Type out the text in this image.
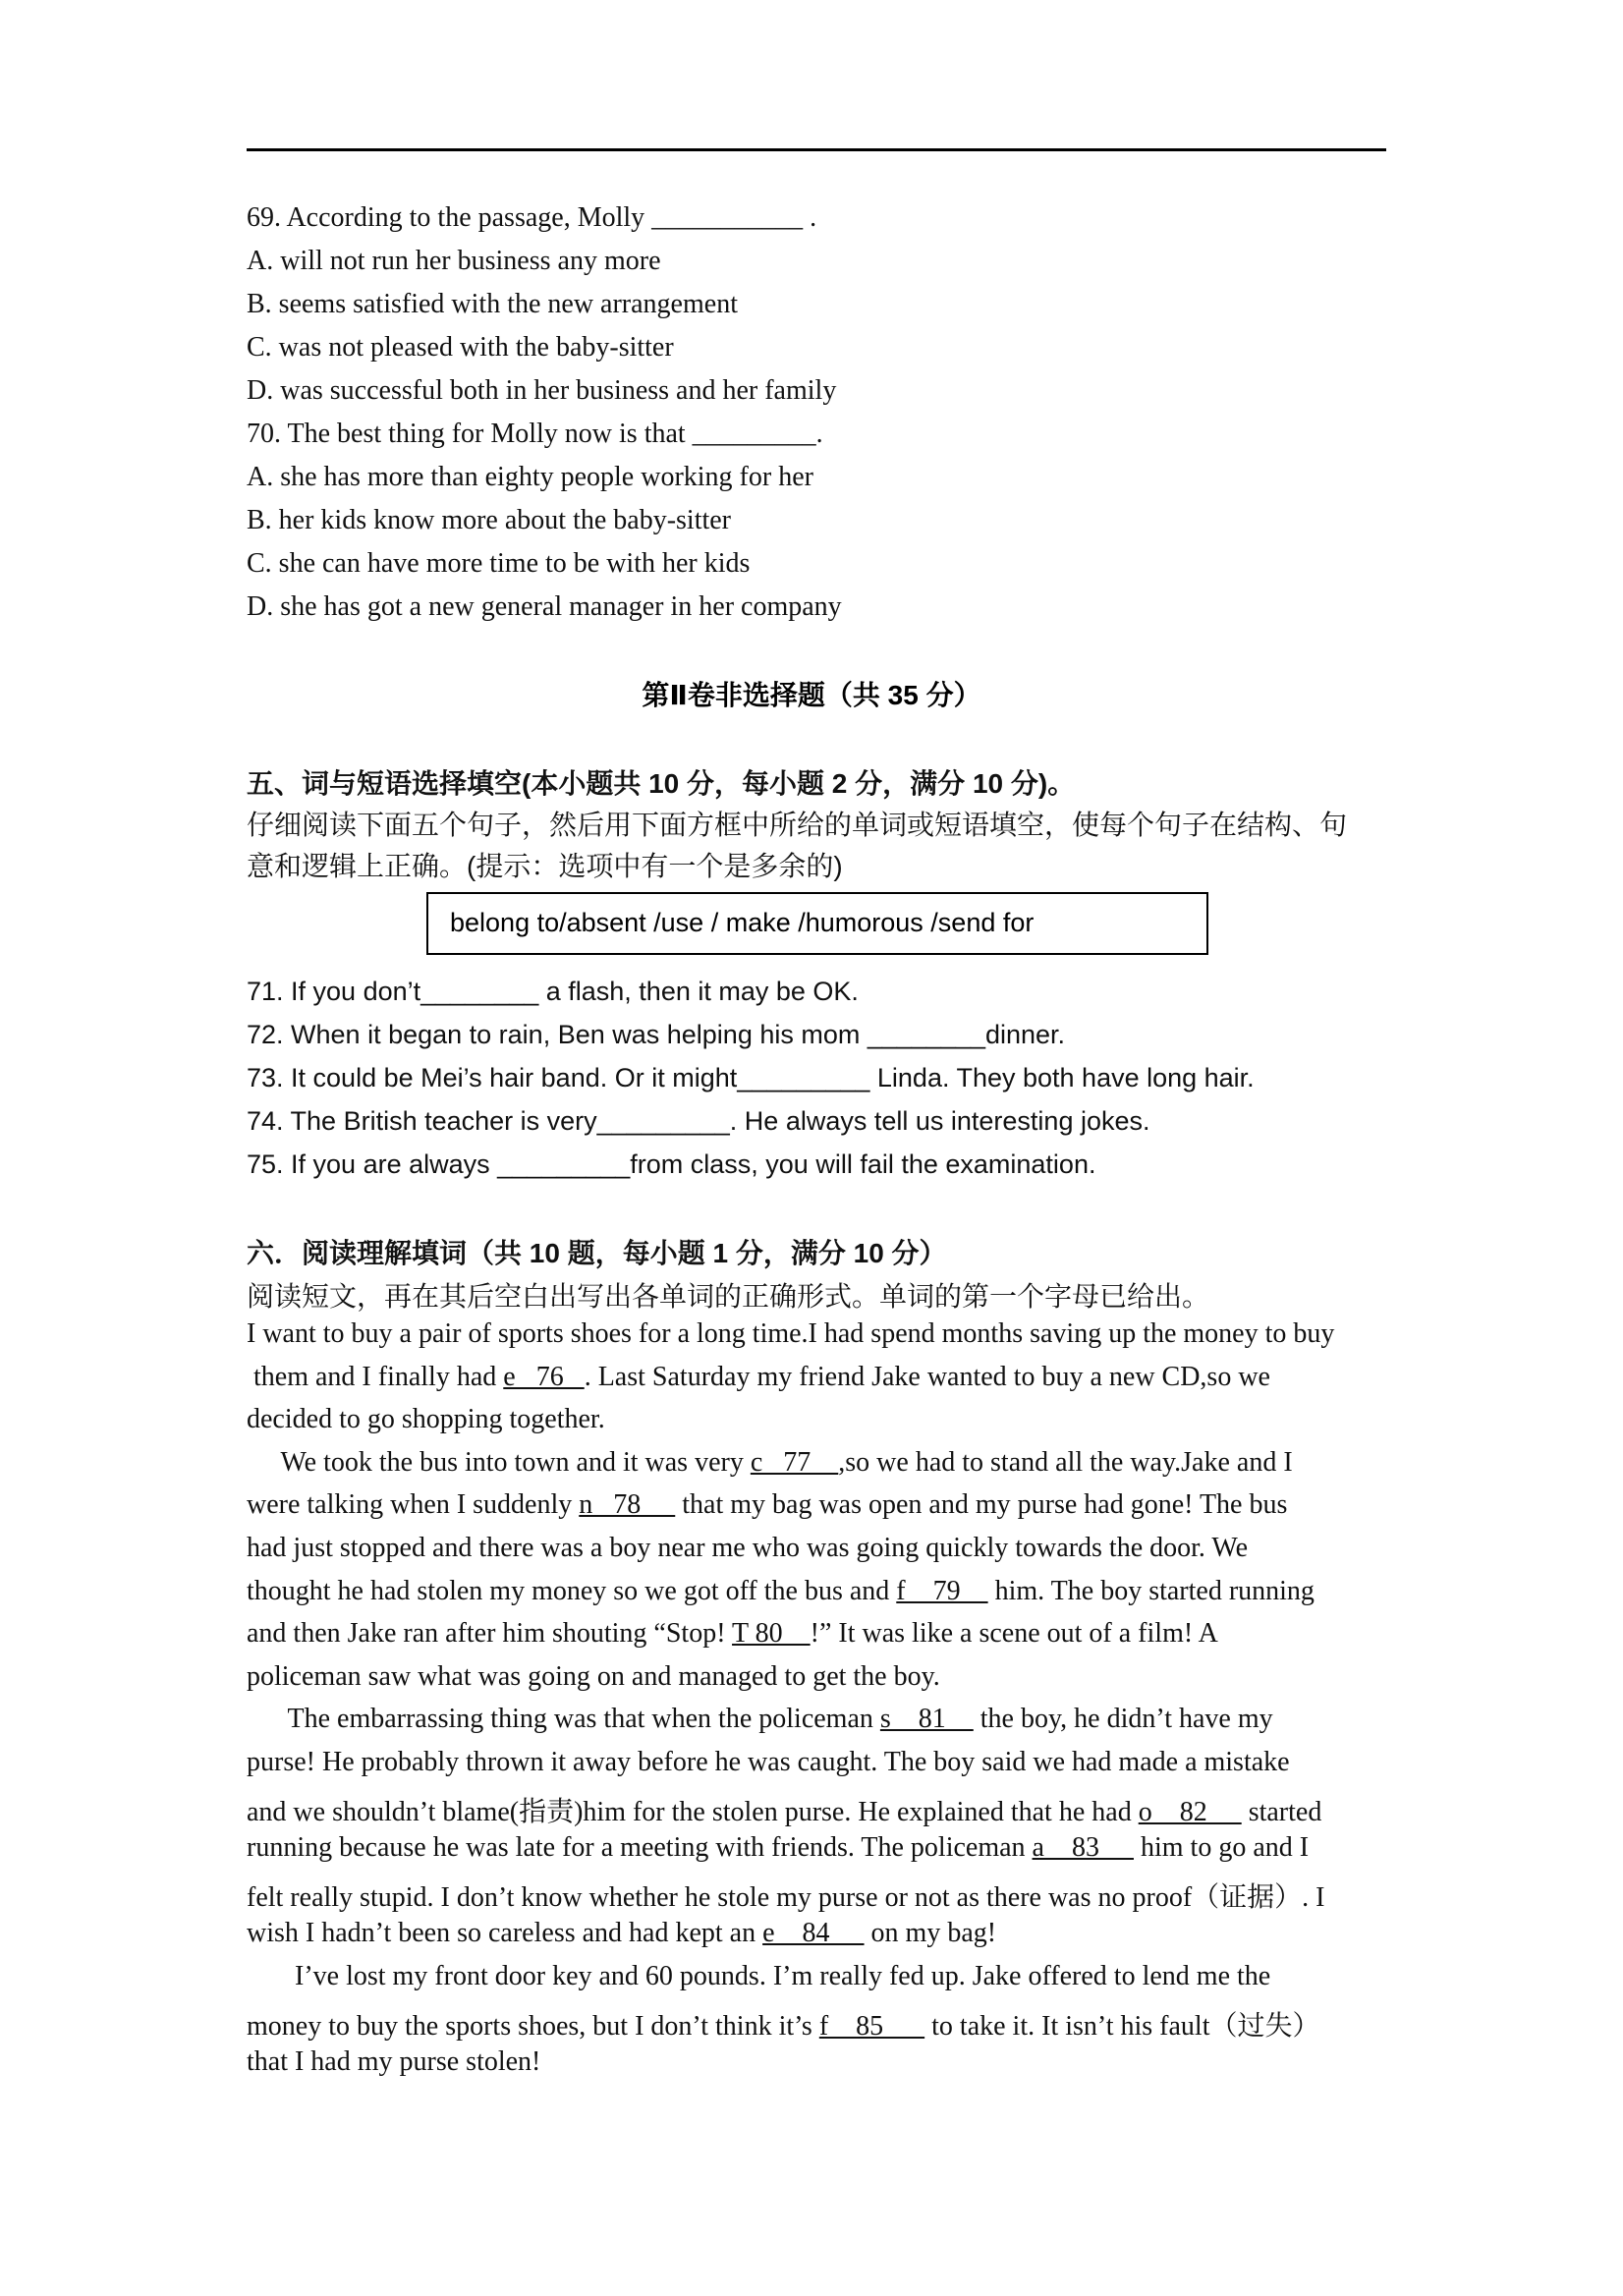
69. According to the passage, Molly ___________ .
A. will not run her business any more
B. seems satisfied with the new arrangement
C. was not pleased with the baby-sitter
D. was successful both in her business and her family
70. The best thing for Molly now is that _________.
A. she has more than eighty people working for her
B. her kids know more about the baby-sitter
C. she can have more time to be with her kids
D. she has got a new general manager in her company
第Ⅱ卷非选择题（共 35 分）
五、词与短语选择填空(本小题共 10 分，每小题 2 分，满分 10 分)。
仔细阅读下面五个句子，然后用下面方框中所给的单词或短语填空，使每个句子在结构、句
意和逻辑上正确。(提示：选项中有一个是多余的)
belong to/absent /use / make /humorous /send for
71. If you don’t________ a flash, then it may be OK.
72. When it began to rain, Ben was helping his mom ________dinner.
73. It could be Mei’s hair band. Or it might_________ Linda. They both have long hair.
74. The British teacher is very_________. He always tell us interesting jokes.
75. If you are always _________from class, you will fail the examination.
六．阅读理解填词（共 10 题，每小题 1 分，满分 10 分）
阅读短文，再在其后空白出写出各单词的正确形式。单词的第一个字母已给出。
I want to buy a pair of sports shoes for a long time.I had spend months saving up the money to buy
them and I finally had e   76   . Last Saturday my friend Jake wanted to buy a new CD,so we
decided to go shopping together.
We took the bus into town and it was very c   77    ,so we had to stand all the way.Jake and I
were talking when I suddenly n   78      that my bag was open and my purse had gone! The bus
had just stopped and there was a boy near me who was going quickly towards the door. We
thought he had stolen my money so we got off the bus and f    79     him. The boy started running
and then Jake ran after him shouting “Stop! T 80    !” It was like a scene out of a film! A
policeman saw what was going on and managed to get the boy.
The embarrassing thing was that when the policeman s    81     the boy, he didn’t have my
purse! He probably thrown it away before he was caught. The boy said we had made a mistake
and we shouldn’t blame(指责)him for the stolen purse. He explained that he had o    82      started
running because he was late for a meeting with friends. The policeman a    83      him to go and I
felt really stupid. I don’t know whether he stole my purse or not as there was no proof（证据）. I
wish I hadn’t been so careless and had kept an e    84      on my bag!
I’ve lost my front door key and 60 pounds. I’m really fed up. Jake offered to lend me the
money to buy the sports shoes, but I don’t think it’s f    85       to take it. It isn’t his fault（过失）
that I had my purse stolen!
